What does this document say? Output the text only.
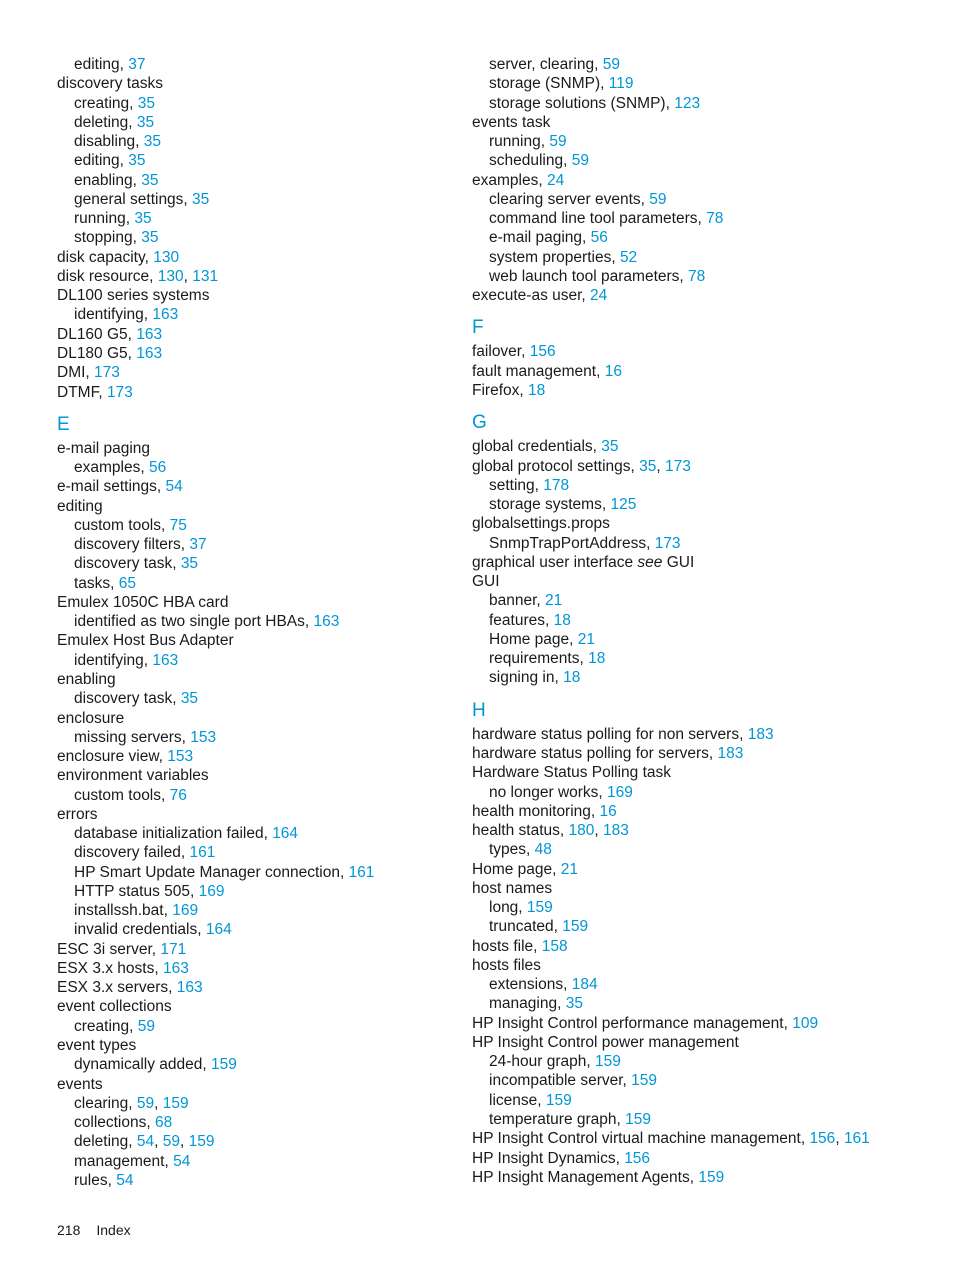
editing, 37
discovery tasks
creating, 35
deleting, 35
disabling, 35
editing, 35
enabling, 35
general settings, 35
running, 35
stopping, 35
disk capacity, 130
disk resource, 130, 131
DL100 series systems
identifying, 163
DL160 G5, 163
DL180 G5, 163
DMI, 173
DTMF, 173
E
e-mail paging
examples, 56
e-mail settings, 54
editing
custom tools, 75
discovery filters, 37
discovery task, 35
tasks, 65
Emulex 1050C HBA card
identified as two single port HBAs, 163
Emulex Host Bus Adapter
identifying, 163
enabling
discovery task, 35
enclosure
missing servers, 153
enclosure view, 153
environment variables
custom tools, 76
errors
database initialization failed, 164
discovery failed, 161
HP Smart Update Manager connection, 161
HTTP status 505, 169
installssh.bat, 169
invalid credentials, 164
ESC 3i server, 171
ESX 3.x hosts, 163
ESX 3.x servers, 163
event collections
creating, 59
event types
dynamically added, 159
events
clearing, 59, 159
collections, 68
deleting, 54, 59, 159
management, 54
rules, 54
server, clearing, 59
storage (SNMP), 119
storage solutions (SNMP), 123
events task
running, 59
scheduling, 59
examples, 24
clearing server events, 59
command line tool parameters, 78
e-mail paging, 56
system properties, 52
web launch tool parameters, 78
execute-as user, 24
F
failover, 156
fault management, 16
Firefox, 18
G
global credentials, 35
global protocol settings, 35, 173
setting, 178
storage systems, 125
globalsettings.props
SnmpTrapPortAddress, 173
graphical user interface see GUI
GUI
banner, 21
features, 18
Home page, 21
requirements, 18
signing in, 18
H
hardware status polling for non servers, 183
hardware status polling for servers, 183
Hardware Status Polling task
no longer works, 169
health monitoring, 16
health status, 180, 183
types, 48
Home page, 21
host names
long, 159
truncated, 159
hosts file, 158
hosts files
extensions, 184
managing, 35
HP Insight Control performance management, 109
HP Insight Control power management
24-hour graph, 159
incompatible server, 159
license, 159
temperature graph, 159
HP Insight Control virtual machine management, 156, 161
HP Insight Dynamics, 156
HP Insight Management Agents, 159
218 Index
